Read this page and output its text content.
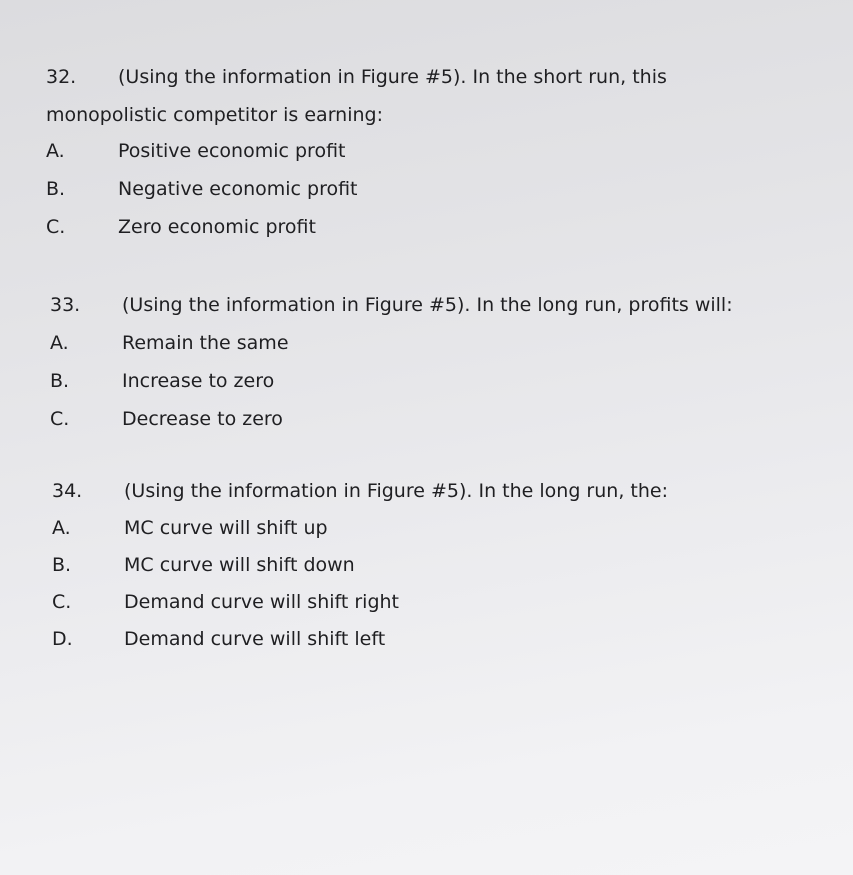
32. (Using the information in Figure #5). In the short run, this
monopolistic competitor is earning:
A.	Positive economic profit
B.	Negative economic profit
C.	Zero economic profit
33. (Using the information in Figure #5). In the long run, profits will:
A.	Remain the same
B.	Increase to zero
C.	Decrease to zero
34. (Using the information in Figure #5). In the long run, the:
A.	MC curve will shift up
B.	MC curve will shift down
C.	Demand curve will shift right
D.	Demand curve will shift left
